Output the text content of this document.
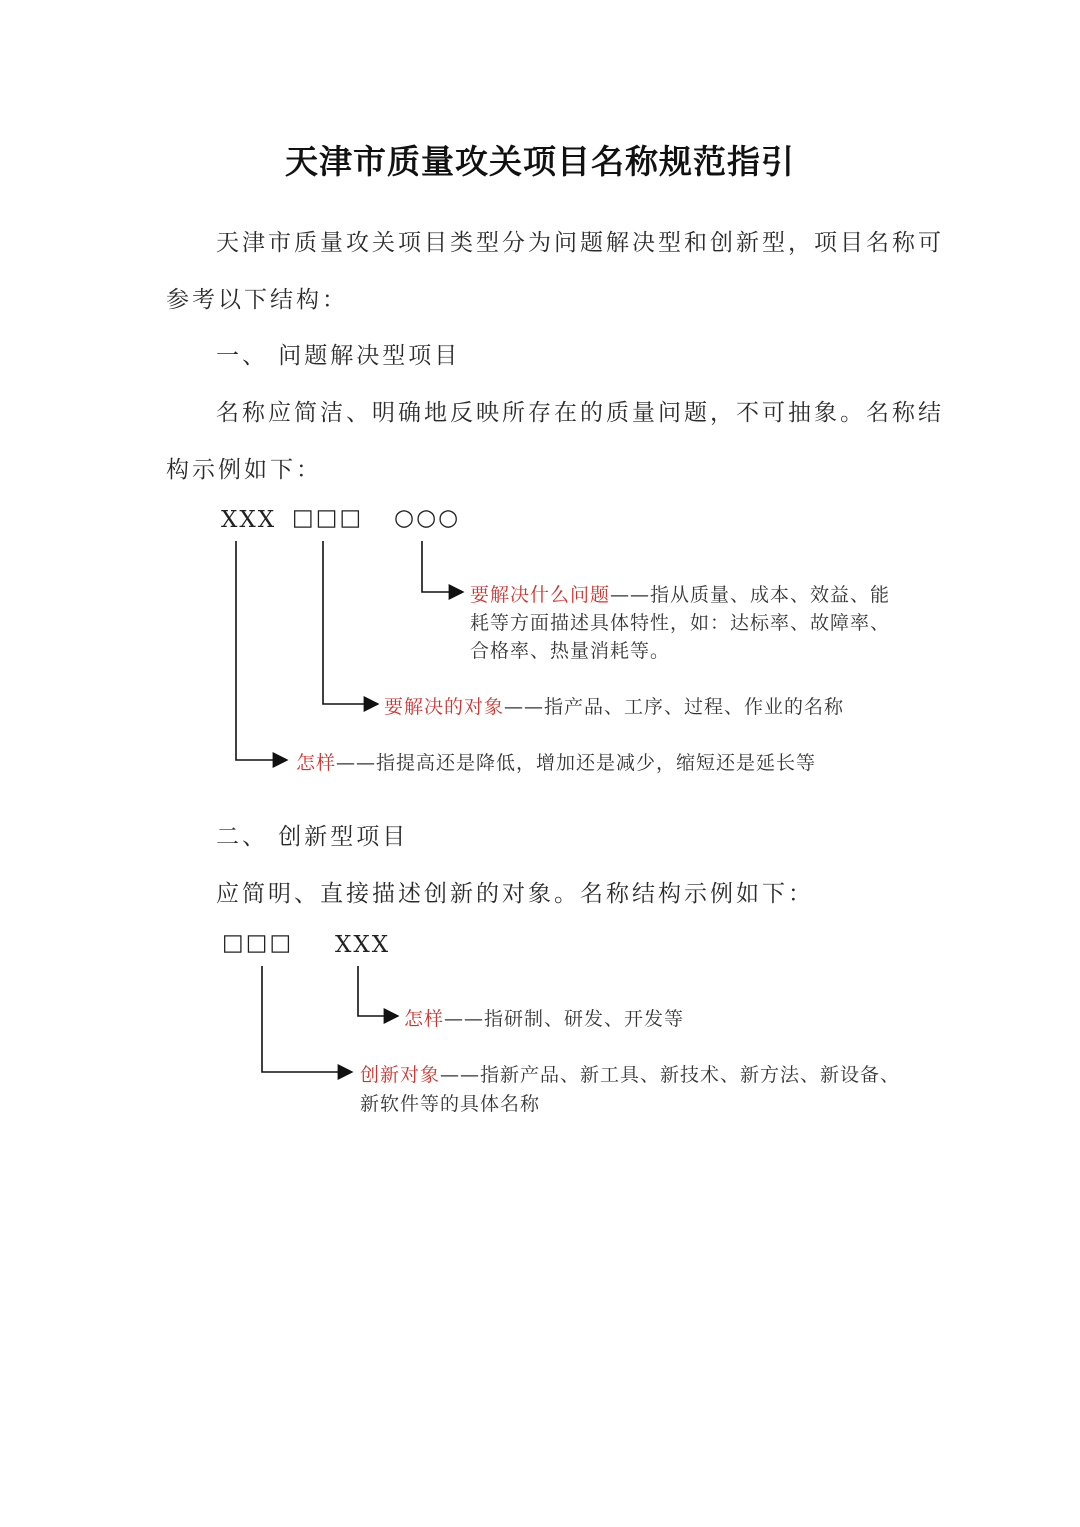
天津市质量攻关项目名称规范指引
天津市质量攻关项目类型分为问题解决型和创新型，项目名称可
参考以下结构：
一、 问题解决型项目
名称应简洁、明确地反映所存在的质量问题，不可抽象。名称结
构示例如下：
XXX □□□ ○○○
要解决什么问题——指从质量、成本、效益、能
耗等方面描述具体特性，如：达标率、故障率、
合格率、热量消耗等。
要解决的对象——指产品、工序、过程、作业的名称
怎样——指提高还是降低，增加还是减少，缩短还是延长等
二、 创新型项目
应简明、直接描述创新的对象。名称结构示例如下：
□□□ XXX
怎样——指研制、研发、开发等
创新对象——指新产品、新工具、新技术、新方法、新设备、
新软件等的具体名称
